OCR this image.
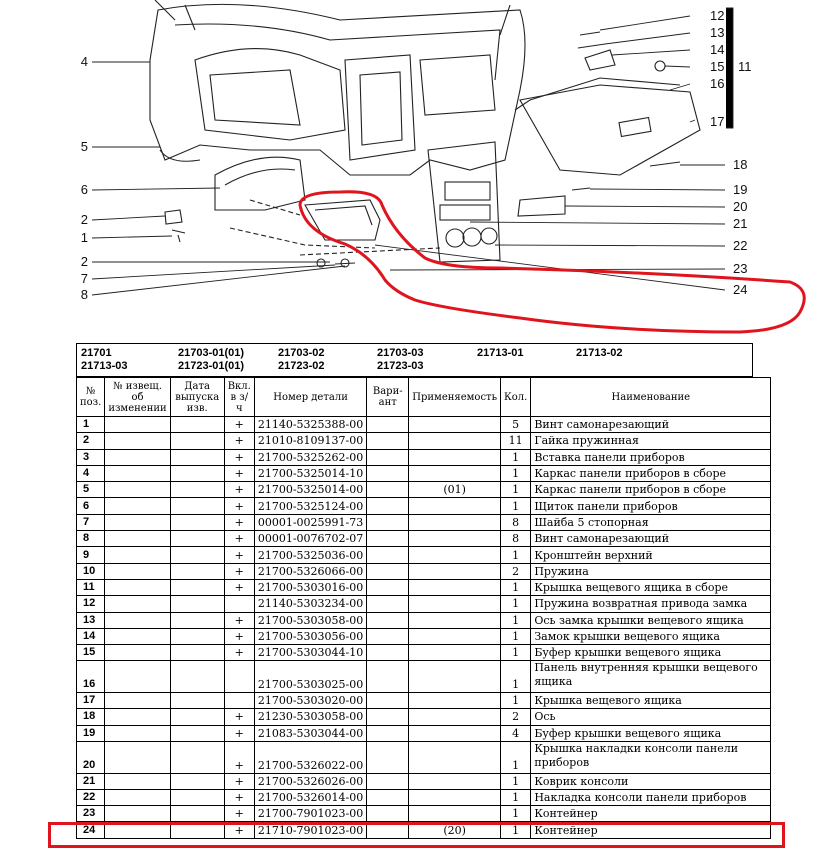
4
5
6
2
1
2
7
8
12
13
14
15
16
17
18
19
20
21
22
23
24
11
21701	21703-01(01)	21703-02	21703-03	21713-01	21713-02
21713-03	21723-01(01)	21723-02	21723-03
№ поз.	№ извещ. об изменении	Дата выпуска изв.	Вкл. в з/ч	Номер детали	Вари-ант	Применяемость	Кол.	Наименование
1			+	21140-5325388-00			5	Винт самонарезающий
2			+	21010-8109137-00			11	Гайка пружинная
3			+	21700-5325262-00			1	Вставка панели приборов
4			+	21700-5325014-10			1	Каркас панели приборов в сборе
5			+	21700-5325014-00		(01)	1	Каркас панели приборов в сборе
6			+	21700-5325124-00			1	Щиток панели приборов
7			+	00001-0025991-73			8	Шайба 5 стопорная
8			+	00001-0076702-07			8	Винт самонарезающий
9			+	21700-5325036-00			1	Кронштейн верхний
10			+	21700-5326066-00			2	Пружина
11			+	21700-5303016-00			1	Крышка вещевого ящика в сборе
12				21140-5303234-00			1	Пружина возвратная привода замка
13			+	21700-5303058-00			1	Ось замка крышки вещевого ящика
14			+	21700-5303056-00			1	Замок крышки вещевого ящика
15			+	21700-5303044-10			1	Буфер крышки вещевого ящика
16				21700-5303025-00			1	Панель внутренняя крышки вещевого ящика
17				21700-5303020-00			1	Крышка вещевого ящика
18			+	21230-5303058-00			2	Ось
19			+	21083-5303044-00			4	Буфер крышки вещевого ящика
20			+	21700-5326022-00			1	Крышка накладки консоли панели приборов
21			+	21700-5326026-00			1	Коврик консоли
22			+	21700-5326014-00			1	Накладка консоли панели приборов
23			+	21700-7901023-00			1	Контейнер
24			+	21710-7901023-00		(20)	1	Контейнер
